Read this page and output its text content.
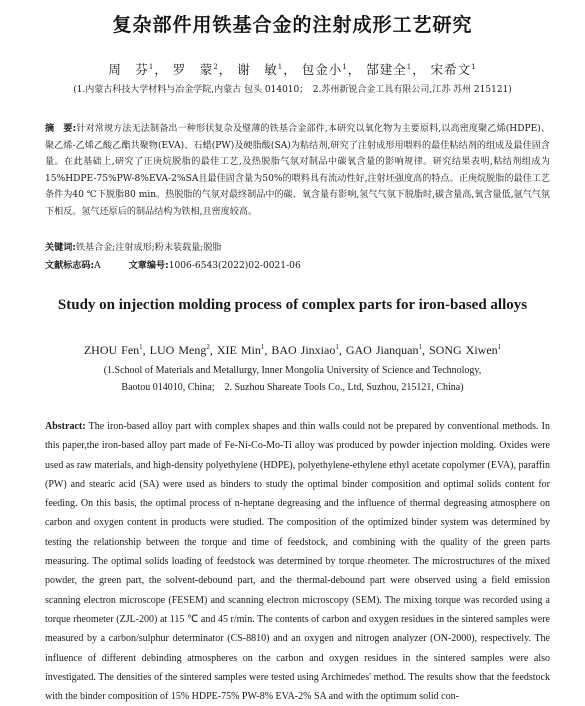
复杂部件用铁基合金的注射成形工艺研究
周　芬$^1$， 罗　蒙$^2$， 谢　敏$^1$， 包金小$^1$， 郜建全$^1$， 宋希文$^1$
(1.内蒙古科技大学材料与冶金学院,内蒙古 包头 014010；　2.苏州新锐合金工具有限公司,江苏 苏州 215121)
摘　要:针对常规方法无法制备出一种形状复杂及璧薄的铁基合金部件,本研究以氧化物为主要原料,以高密度聚乙烯(HDPE)、聚乙烯-乙烯乙酸乙酯共聚物(EVA)、石蜡(PW)及硬脂酸(SA)为粘结剂,研究了注射成形用喂料的最佳粘结剂的组成及最佳固含量。在此基础上,研究了正庚烷脱脂的最佳工艺,及热脱脂气氛对制品中碳氧含量的影响规律。研究结果表明,粘结剂组成为15%HDPE-75%PW-8%EVA-2%SA且最佳固含量为50%的喂料具有流动性好,注射坯强度高的特点。正庚烷脱脂的最佳工艺条件为40 ℃下脱脂80 min。热脱脂的气氛对最终制品中的碳、氧含量有影响,氢气气氛下脱脂时,碳含量高,氧含量低,氩气气氛下相反。氢气还原后的制品结构为铁相,且密度较高。
关键词:铁基合金;注射成形;粉末装载量;脱脂
文献标志码:A	文章编号:1006-6543(2022)02-0021-06
Study on injection molding process of complex parts for iron-based alloys
ZHOU Fen$^1$, LUO Meng$^2$, XIE Min$^1$, BAO Jinxiao$^1$, GAO Jianquan$^1$, SONG Xiwen$^1$
(1.School of Materials and Metallurgy, Inner Mongolia University of Science and Technology,
Baotou 014010, China;　2. Suzhou Shareate Tools Co., Ltd, Suzhou, 215121, China)
Abstract: The iron-based alloy part with complex shapes and thin walls could not be prepared by conventional methods. In this paper,the iron-based alloy part made of Fe-Ni-Co-Mo-Ti alloy was produced by powder injection molding. Oxides were used as raw materials, and high-density polyethylene (HDPE), polyethylene-ethylene ethyl acetate copolymer (EVA), paraffin (PW) and stearic acid (SA) were used as binders to study the optimal binder composition and optimal solids content for feeding. On this basis, the optimal process of n-heptane degreasing and the influence of thermal degreasing atmosphere on carbon and oxygen content in products were studied. The composition of the optimized binder system was determined by testing the relationship between the torque and time of feedstock, and combining with the quality of the green parts measuring. The optimal solids loading of feedstock was determined by torque rheometer. The microstructures of the mixed powder, the green part, the solvent-debound part, and the thermal-debound part were observed using a field emission scanning electron microscope (FESEM) and scanning electron microscopy (SEM). The mixing torque was recorded using a torque rheometer (ZJL-200) at 115 ℃ and 45 r/min. The contents of carbon and oxygen residues in the sintered samples were measured by a carbon/sulphur determinator (CS-8810) and an oxygen and nitrogen analyzer (ON-2000), respectively. The influence of different debinding atmospheres on the carbon and oxygen residues in the sintered samples were also investigated. The densities of the sintered samples were tested using Archimedes' method. The results show that the feedstock with the binder composition of 15% HDPE-75% PW-8% EVA-2% SA and with the optimum solid con-
